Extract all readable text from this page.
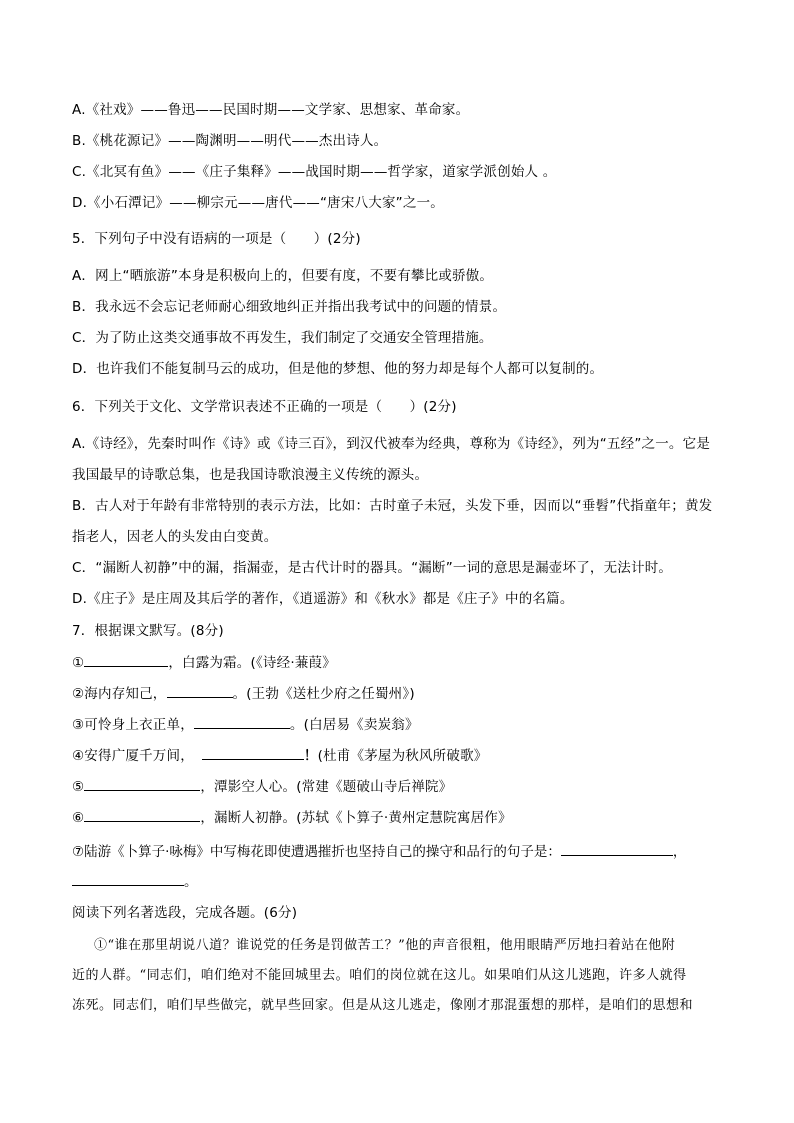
A.《社戏》——鲁迅——民国时期——文学家、思想家、革命家。
B.《桃花源记》——陶渊明——明代——杰出诗人。
C.《北冥有鱼》——《庄子集释》——战国时期——哲学家，道家学派创始人 。
D.《小石潭记》——柳宗元——唐代——“唐宋八大家”之一。
5．下列句子中没有语病的一项是（　　）(2分)
A．网上“晒旅游”本身是积极向上的，但要有度，不要有攀比或骄傲。
B．我永远不会忘记老师耐心细致地纠正并指出我考试中的问题的情景。
C．为了防止这类交通事故不再发生，我们制定了交通安全管理措施。
D．也许我们不能复制马云的成功，但是他的梦想、他的努力却是每个人都可以复制的。
6．下列关于文化、文学常识表述不正确的一项是（　　）(2分)
A.《诗经》，先秦时叫作《诗》或《诗三百》，到汉代被奉为经典，尊称为《诗经》，列为“五经”之一。它是
我国最早的诗歌总集，也是我国诗歌浪漫主义传统的源头。
B．古人对于年龄有非常特别的表示方法，比如：古时童子未冠，头发下垂，因而以“垂髫”代指童年；黄发
指老人，因老人的头发由白变黄。
C．“漏断人初静”中的漏，指漏壶，是古代计时的器具。“漏断”一词的意思是漏壶坏了，无法计时。
D.《庄子》是庄周及其后学的著作，《逍遥游》和《秋水》都是《庄子》中的名篇。
7．根据课文默写。(8分)
①	，白露为霜。(《诗经·蒹葭》
②海内存知己，	。(王勃《送杜少府之任蜀州》)
③可怜身上衣正单，	。(白居易《卖炭翁》
④安得广厦千万间，	！(杜甫《茅屋为秋风所破歌》
⑤	，潭影空人心。(常建《题破山寺后禅院》
⑥	，漏断人初静。(苏轼《卜算子·黄州定慧院寓居作》
⑦陆游《卜算子·咏梅》中写梅花即使遭遇摧折也坚持自己的操守和品行的句子是：	，
。
阅读下列名著选段，完成各题。(6分)
①“谁在那里胡说八道？谁说党的任务是罚做苦工？”他的声音很粗，他用眼睛严厉地扫着站在他附
近的人群。“同志们，咱们绝对不能回城里去。咱们的岗位就在这儿。如果咱们从这儿逃跑，许多人就得
冻死。同志们，咱们早些做完，就早些回家。但是从这儿逃走，像刚才那混蛋想的那样，是咱们的思想和
